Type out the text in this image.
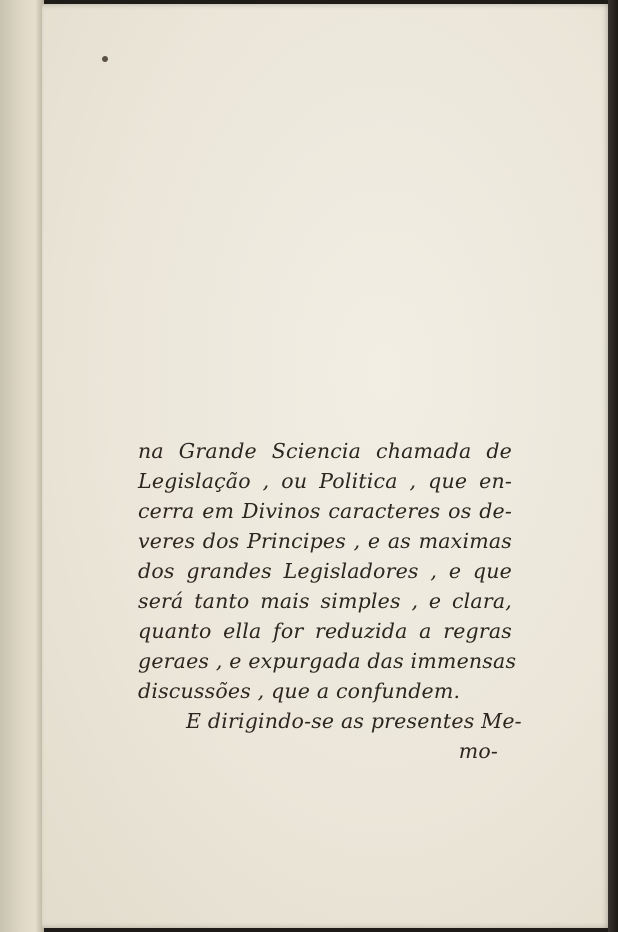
na Grande Sciencia chamada de
Legislação , ou Politica , que en-
cerra em Divinos caracteres os de-
veres dos Principes , e as maximas
dos grandes Legisladores , e que
será tanto mais simples , e clara,
quanto ella for reduzida a regras
geraes , e expurgada das immensas
discussões , que a confundem.
E dirigindo-se as presentes Me-
mo-
